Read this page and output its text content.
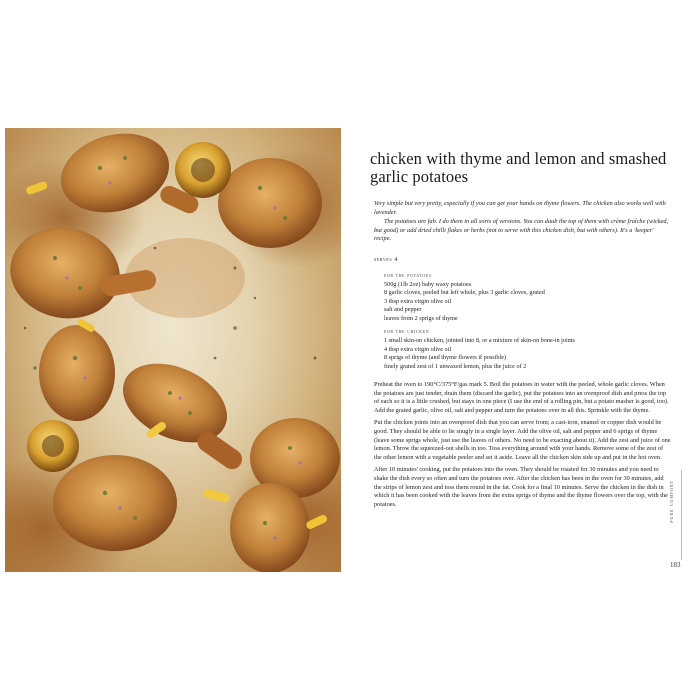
chicken with thyme and lemon and smashed garlic potatoes

Very simple but very pretty, especially if you can get your hands on thyme flowers. The chicken also works well with lavender.

The potatoes are fab. I do them in all sorts of versions. You can daub the top of them with crème fraîche (wicked, but good) or add dried chilli flakes or herbs (not to serve with this chicken dish, but with others). It's a 'keeper' recipe.

serves 4
for the potatoes
500g (1lb 2oz) baby waxy potatoes
8 garlic cloves, peeled but left whole, plus 3 garlic cloves, grated
3 tbsp extra virgin olive oil
salt and pepper
leaves from 2 sprigs of thyme
for the chicken
1 small skin-on chicken, jointed into 8, or a mixture of skin-on bone-in joints
4 tbsp extra virgin olive oil
8 sprigs of thyme (and thyme flowers if possible)
finely grated zest of 1 unwaxed lemon, plus the juice of 2

Preheat the oven to 190°C/375°F/gas mark 5. Boil the potatoes in water with the peeled, whole garlic cloves. When the potatoes are just tender, drain them (discard the garlic), put the potatoes into an ovenproof dish and press the top of each so it is a little crushed, but stays in one piece (I use the end of a rolling pin, but a potato masher is good, too). Add the grated garlic, olive oil, salt and pepper and turn the potatoes over in all this. Sprinkle with the thyme.

Put the chicken joints into an ovenproof dish that you can serve from; a cast-iron, enamel or copper dish would be good. They should be able to lie snugly in a single layer. Add the olive oil, salt and pepper and 6 sprigs of thyme (leave some sprigs whole, just use the leaves of others. No need to be exacting about it). Add the zest and juice of one lemon. Throw the squeezed-out shells in too. Toss everything around with your hands. Remove some of the zest of the other lemon with a vegetable peeler and set it aside. Leave all the chicken skin side up and put in the hot oven.

After 10 minutes' cooking, put the potatoes into the oven. They should be roasted for 30 minutes and you need to shake the dish every so often and turn the potatoes over. After the chicken has been in the oven for 30 minutes, add the strips of lemon zest and toss them round in the fat. Cook for a final 10 minutes. Serve the chicken in the dish in which it has been cooked with the leaves from the extra sprigs of thyme and the thyme flowers over the top, with the potatoes.	pure comfort
183
